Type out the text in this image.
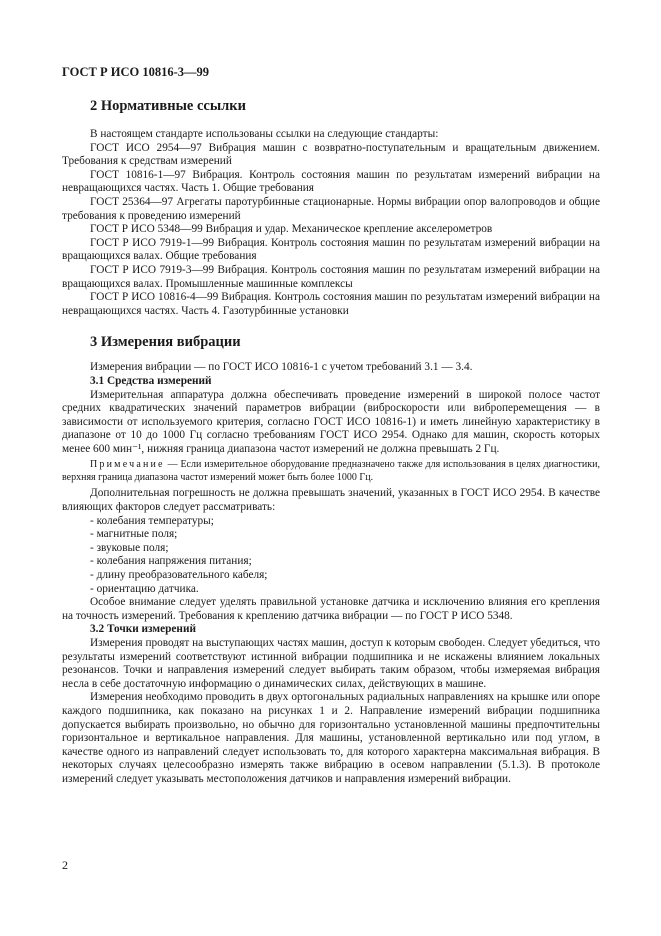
ГОСТ Р ИСО 10816-3—99
2 Нормативные ссылки

В настоящем стандарте использованы ссылки на следующие стандарты:

ГОСТ ИСО 2954—97 Вибрация машин с возвратно-поступательным и вращательным движением. Требования к средствам измерений

ГОСТ 10816-1—97 Вибрация. Контроль состояния машин по результатам измерений вибрации на невращающихся частях. Часть 1. Общие требования

ГОСТ 25364—97 Агрегаты паротурбинные стационарные. Нормы вибрации опор валопроводов и общие требования к проведению измерений

ГОСТ Р ИСО 5348—99 Вибрация и удар. Механическое крепление акселерометров

ГОСТ Р ИСО 7919-1—99 Вибрация. Контроль состояния машин по результатам измерений вибрации на вращающихся валах. Общие требования

ГОСТ Р ИСО 7919-3—99 Вибрация. Контроль состояния машин по результатам измерений вибрации на вращающихся валах. Промышленные машинные комплексы

ГОСТ Р ИСО 10816-4—99 Вибрация. Контроль состояния машин по результатам измерений вибрации на невращающихся частях. Часть 4. Газотурбинные установки

3 Измерения вибрации

Измерения вибрации — по ГОСТ ИСО 10816-1 с учетом требований 3.1 — 3.4.

3.1 Средства измерений

Измерительная аппаратура должна обеспечивать проведение измерений в широкой полосе частот средних квадратических значений параметров вибрации (виброскорости или виброперемещения — в зависимости от используемого критерия, согласно ГОСТ ИСО 10816-1) и иметь линейную характеристику в диапазоне от 10 до 1000 Гц согласно требованиям ГОСТ ИСО 2954. Однако для машин, скорость которых менее 600 мин⁻¹, нижняя граница диапазона частот измерений не должна превышать 2 Гц.

Примечание — Если измерительное оборудование предназначено также для использования в целях диагностики, верхняя граница диапазона частот измерений может быть более 1000 Гц.

Дополнительная погрешность не должна превышать значений, указанных в ГОСТ ИСО 2954. В качестве влияющих факторов следует рассматривать:

- колебания температуры;
- магнитные поля;
- звуковые поля;
- колебания напряжения питания;
- длину преобразовательного кабеля;
- ориентацию датчика.

Особое внимание следует уделять правильной установке датчика и исключению влияния его крепления на точность измерений. Требования к креплению датчика вибрации — по ГОСТ Р ИСО 5348.

3.2 Точки измерений

Измерения проводят на выступающих частях машин, доступ к которым свободен. Следует убедиться, что результаты измерений соответствуют истинной вибрации подшипника и не искажены влиянием локальных резонансов. Точки и направления измерений следует выбирать таким образом, чтобы измеряемая вибрация несла в себе достаточную информацию о динамических силах, действующих в машине.

Измерения необходимо проводить в двух ортогональных радиальных направлениях на крышке или опоре каждого подшипника, как показано на рисунках 1 и 2. Направление измерений вибрации подшипника допускается выбирать произвольно, но обычно для горизонтально установленной машины предпочтительны горизонтальное и вертикальное направления. Для машины, установленной вертикально или под углом, в качестве одного из направлений следует использовать то, для которого характерна максимальная вибрация. В некоторых случаях целесообразно измерять также вибрацию в осевом направлении (5.1.3). В протоколе измерений следует указывать местоположения датчиков и направления измерений вибрации.

2
